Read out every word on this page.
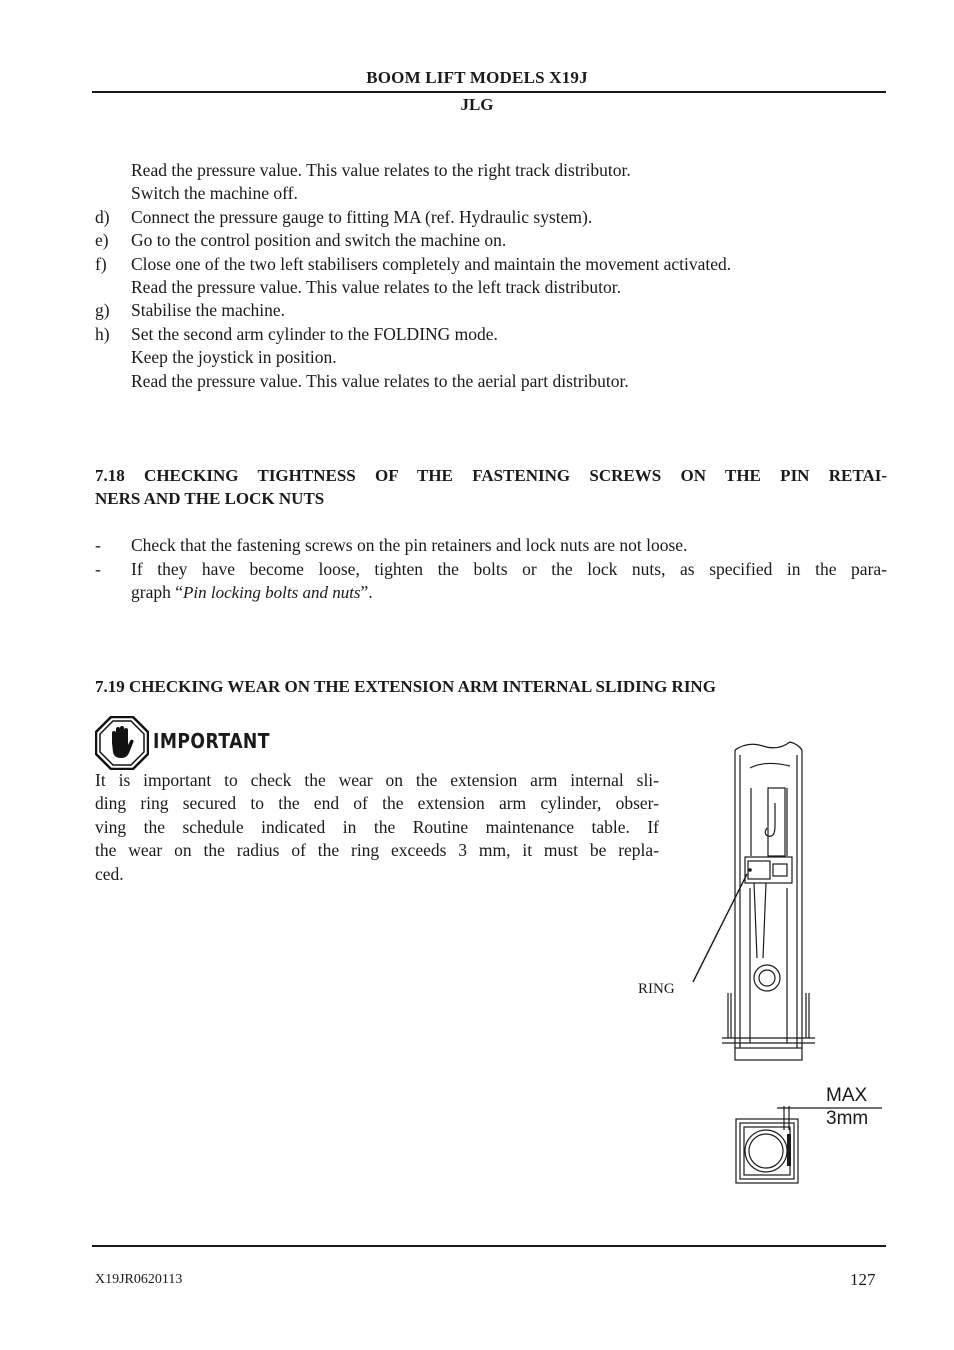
BOOM LIFT MODELS X19J
JLG
Read the pressure value. This value relates to the right track distributor.
Switch the machine off.
d) Connect the pressure gauge to fitting MA (ref. Hydraulic system).
e) Go to the control position and switch the machine on.
f) Close one of the two left stabilisers completely and maintain the movement activated.
Read the pressure value. This value relates to the left track distributor.
g) Stabilise the machine.
h) Set the second arm cylinder to the FOLDING mode.
Keep the joystick in position.
Read the pressure value. This value relates to the aerial part distributor.
7.18 CHECKING TIGHTNESS OF THE FASTENING SCREWS ON THE PIN RETAI-
NERS AND THE LOCK NUTS
- Check that the fastening screws on the pin retainers and lock nuts are not loose.
- If they have become loose, tighten the bolts or the lock nuts, as specified in the para-
graph “Pin locking bolts and nuts”.
7.19 CHECKING WEAR ON THE EXTENSION ARM INTERNAL SLIDING RING
IMPORTANT
It is important to check the wear on the extension arm internal sli-
ding ring secured to the end of the extension arm cylinder, obser-
ving the schedule indicated in the Routine maintenance table. If
the wear on the radius of the ring exceeds 3 mm, it must be repla-
ced.
RING
MAX
3mm
X19JR0620113	127
